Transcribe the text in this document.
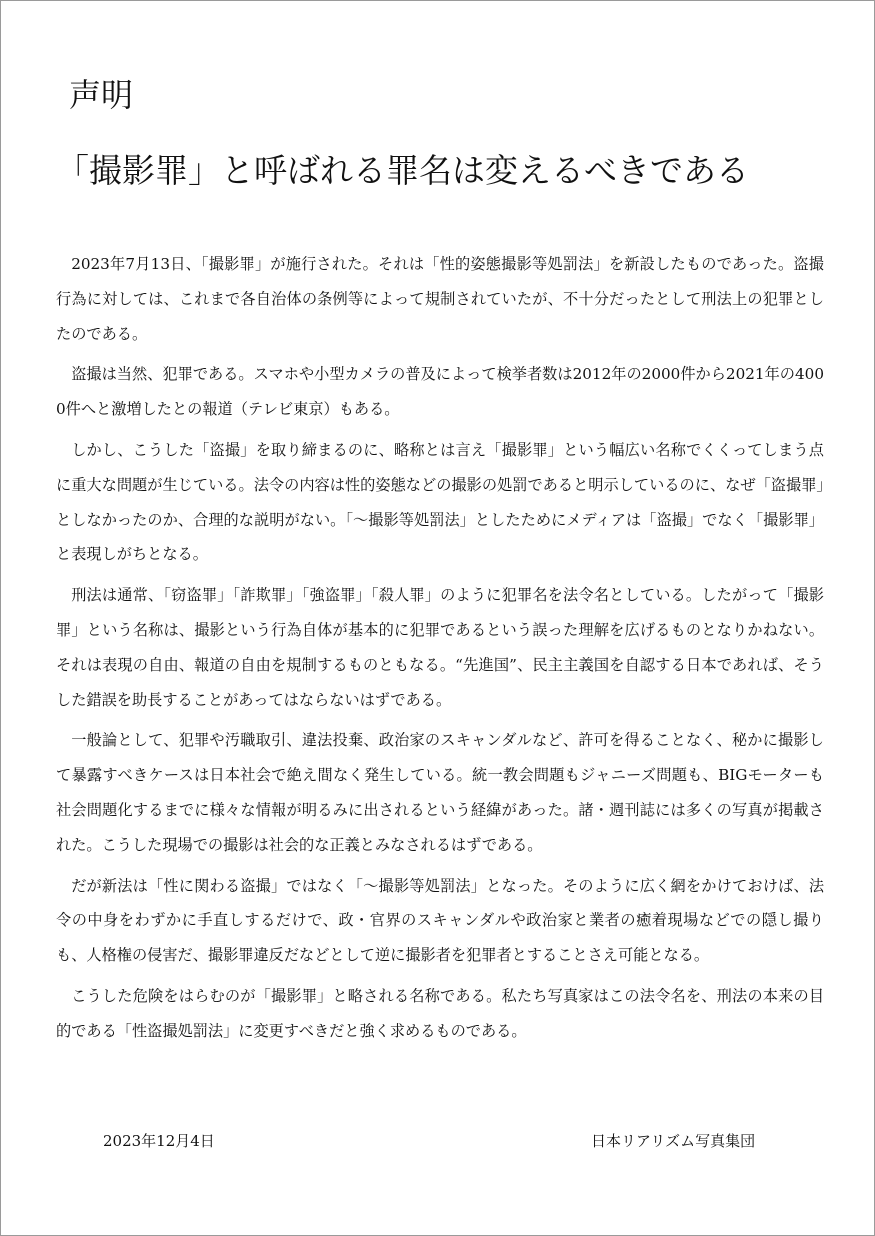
声明
「撮影罪」と呼ばれる罪名は変えるべきである

2023年7月13日、「撮影罪」が施行された。それは「性的姿態撮影等処罰法」を新設したものであった。盗撮行為に対しては、これまで各自治体の条例等によって規制されていたが、不十分だったとして刑法上の犯罪としたのである。

盗撮は当然、犯罪である。スマホや小型カメラの普及によって検挙者数は2012年の2000件から2021年の4000件へと激増したとの報道（テレビ東京）もある。

しかし、こうした「盗撮」を取り締まるのに、略称とは言え「撮影罪」という幅広い名称でくくってしまう点に重大な問題が生じている。法令の内容は性的姿態などの撮影の処罰であると明示しているのに、なぜ「盗撮罪」としなかったのか、合理的な説明がない。「～撮影等処罰法」としたためにメディアは「盗撮」でなく「撮影罪」と表現しがちとなる。

刑法は通常、「窃盗罪」「詐欺罪」「強盗罪」「殺人罪」のように犯罪名を法令名としている。したがって「撮影罪」という名称は、撮影という行為自体が基本的に犯罪であるという誤った理解を広げるものとなりかねない。それは表現の自由、報道の自由を規制するものともなる。“先進国”、民主主義国を自認する日本であれば、そうした錯誤を助長することがあってはならないはずである。

一般論として、犯罪や汚職取引、違法投棄、政治家のスキャンダルなど、許可を得ることなく、秘かに撮影して暴露すべきケースは日本社会で絶え間なく発生している。統一教会問題もジャニーズ問題も、BIGモーターも社会問題化するまでに様々な情報が明るみに出されるという経緯があった。諸・週刊誌には多くの写真が掲載された。こうした現場での撮影は社会的な正義とみなされるはずである。

だが新法は「性に関わる盗撮」ではなく「～撮影等処罰法」となった。そのように広く網をかけておけば、法令の中身をわずかに手直しするだけで、政・官界のスキャンダルや政治家と業者の癒着現場などでの隠し撮りも、人格権の侵害だ、撮影罪違反だなどとして逆に撮影者を犯罪者とすることさえ可能となる。

こうした危険をはらむのが「撮影罪」と略される名称である。私たち写真家はこの法令名を、刑法の本来の目的である「性盗撮処罰法」に変更すべきだと強く求めるものである。

2023年12月4日	日本リアリズム写真集団
